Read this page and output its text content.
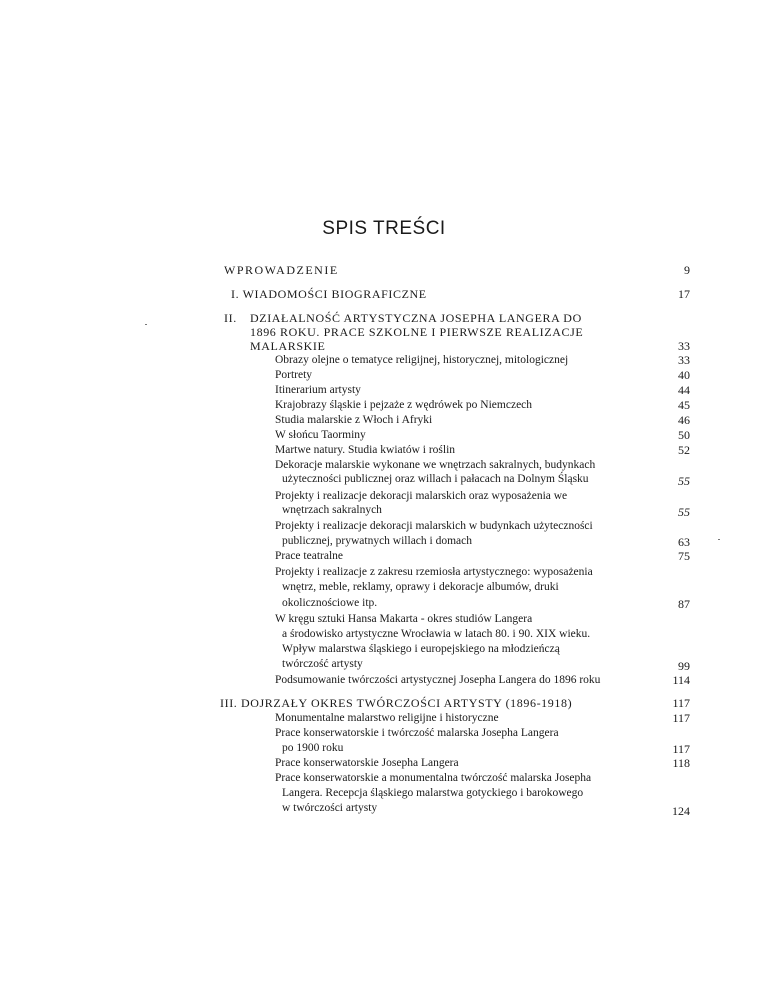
SPIS TREŚCI
WPROWADZENIE	9
I. WIADOMOŚCI BIOGRAFICZNE	17
II. DZIAŁALNOŚĆ ARTYSTYCZNA JOSEPHA LANGERA DO
1896 ROKU. PRACE SZKOLNE I PIERWSZE REALIZACJE
MALARSKIE	33
Obrazy olejne o tematyce religijnej, historycznej, mitologicznej	33
Portrety	40
Itinerarium artysty	44
Krajobrazy śląskie i pejzaże z wędrówek po Niemczech	45
Studia malarskie z Włoch i Afryki	46
W słońcu Taorminy	50
Martwe natury. Studia kwiatów i roślin	52
Dekoracje malarskie wykonane we wnętrzach sakralnych, budynkach
użyteczności publicznej oraz willach i pałacach na Dolnym Śląsku	55
Projekty i realizacje dekoracji malarskich oraz wyposażenia we
wnętrzach sakralnych	55
Projekty i realizacje dekoracji malarskich w budynkach użyteczności
publicznej, prywatnych willach i domach	63
Prace teatralne	75
Projekty i realizacje z zakresu rzemiosła artystycznego: wyposażenia
wnętrz, meble, reklamy, oprawy i dekoracje albumów, druki
okolicznościowe itp.	87
W kręgu sztuki Hansa Makarta - okres studiów Langera
a środowisko artystyczne Wrocławia w latach 80. i 90. XIX wieku.
Wpływ malarstwa śląskiego i europejskiego na młodzieńczą
twórczość artysty	99
Podsumowanie twórczości artystycznej Josepha Langera do 1896 roku	114
III. DOJRZAŁY OKRES TWÓRCZOŚCI ARTYSTY (1896-1918)	117
Monumentalne malarstwo religijne i historyczne	117
Prace konserwatorskie i twórczość malarska Josepha Langera
po 1900 roku	117
Prace konserwatorskie Josepha Langera	118
Prace konserwatorskie a monumentalna twórczość malarska Josepha
Langera. Recepcja śląskiego malarstwa gotyckiego i barokowego
w twórczości artysty	124
